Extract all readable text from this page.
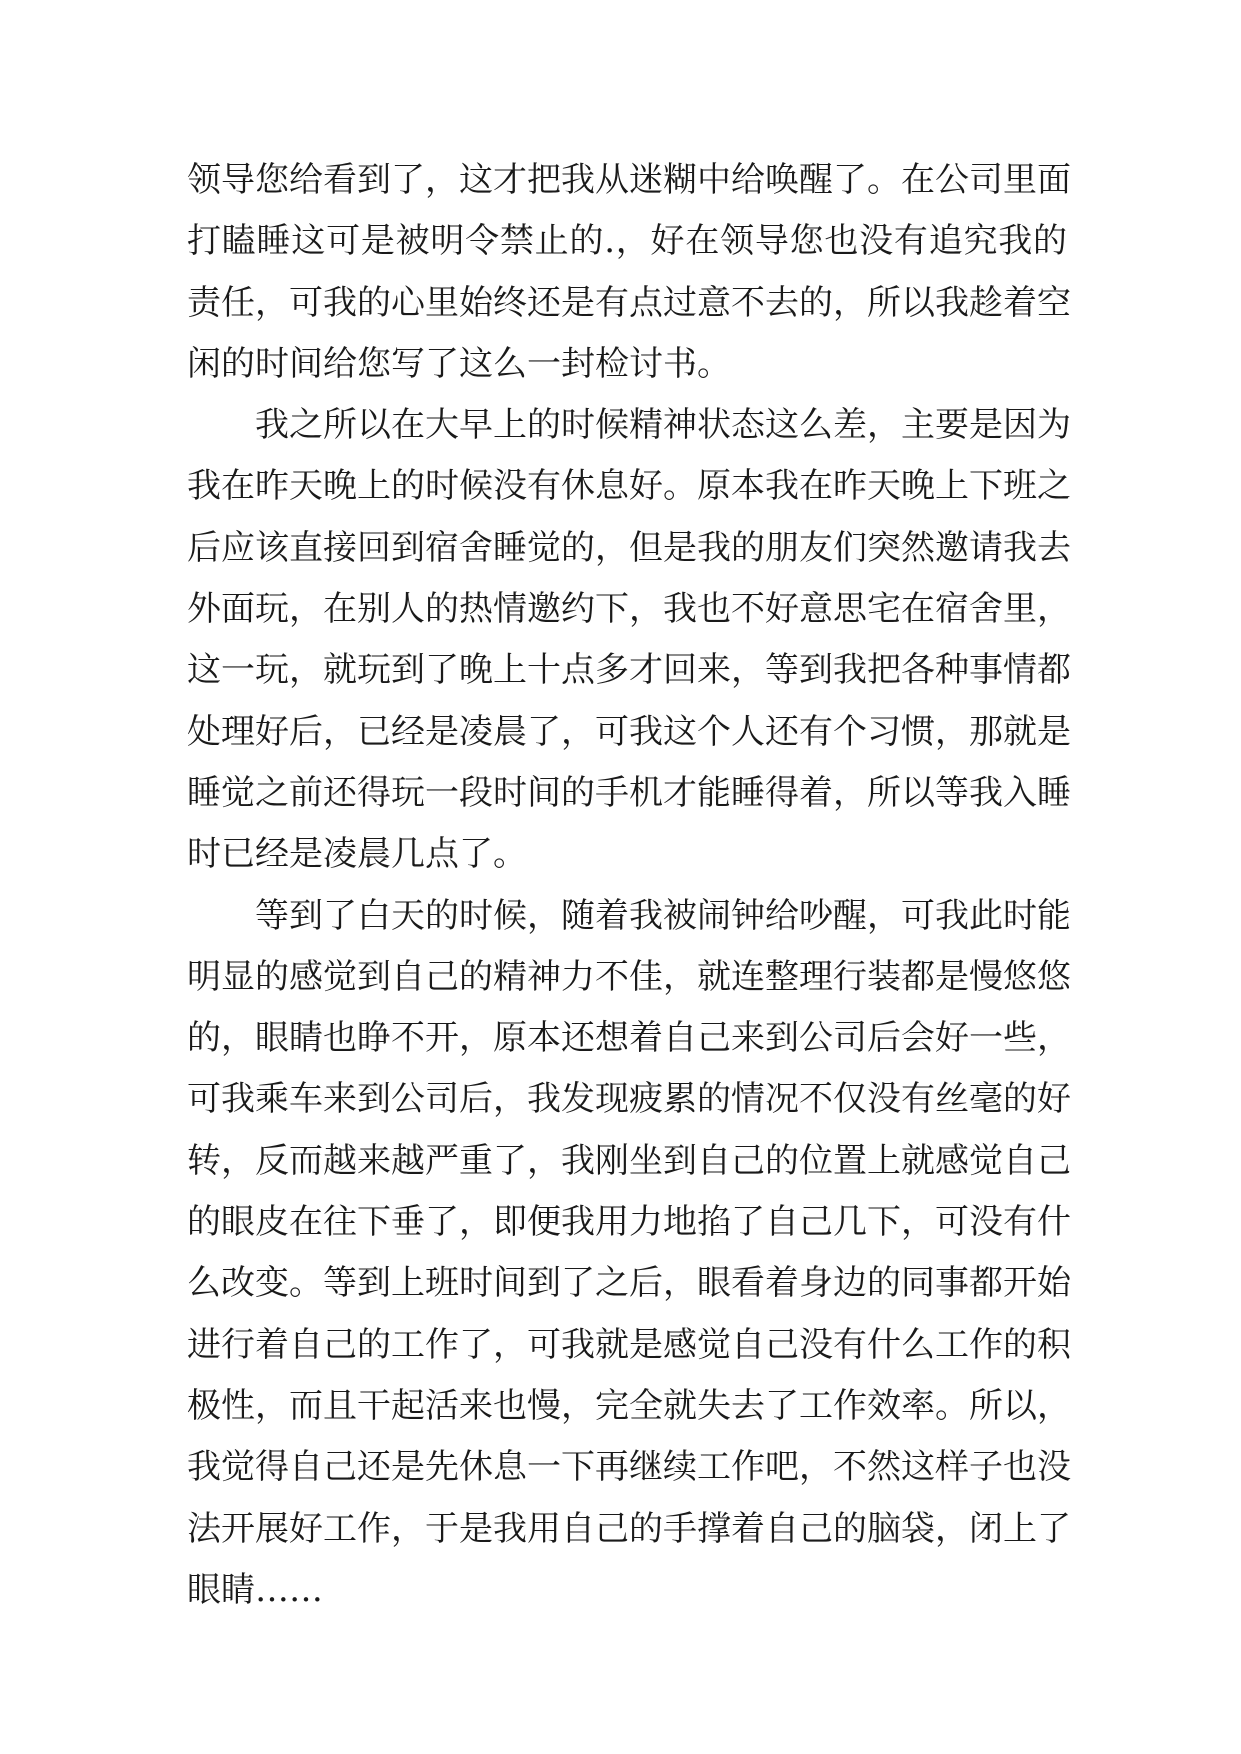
领导您给看到了，这才把我从迷糊中给唤醒了。在公司里面
打瞌睡这可是被明令禁止的.，好在领导您也没有追究我的
责任，可我的心里始终还是有点过意不去的，所以我趁着空
闲的时间给您写了这么一封检讨书。
我之所以在大早上的时候精神状态这么差，主要是因为
我在昨天晚上的时候没有休息好。原本我在昨天晚上下班之
后应该直接回到宿舍睡觉的，但是我的朋友们突然邀请我去
外面玩，在别人的热情邀约下，我也不好意思宅在宿舍里，
这一玩，就玩到了晚上十点多才回来，等到我把各种事情都
处理好后，已经是凌晨了，可我这个人还有个习惯，那就是
睡觉之前还得玩一段时间的手机才能睡得着，所以等我入睡
时已经是凌晨几点了。
等到了白天的时候，随着我被闹钟给吵醒，可我此时能
明显的感觉到自己的精神力不佳，就连整理行装都是慢悠悠
的，眼睛也睁不开，原本还想着自己来到公司后会好一些，
可我乘车来到公司后，我发现疲累的情况不仅没有丝毫的好
转，反而越来越严重了，我刚坐到自己的位置上就感觉自己
的眼皮在往下垂了，即便我用力地掐了自己几下，可没有什
么改变。等到上班时间到了之后，眼看着身边的同事都开始
进行着自己的工作了，可我就是感觉自己没有什么工作的积
极性，而且干起活来也慢，完全就失去了工作效率。所以，
我觉得自己还是先休息一下再继续工作吧，不然这样子也没
法开展好工作，于是我用自己的手撑着自己的脑袋，闭上了
眼睛……
